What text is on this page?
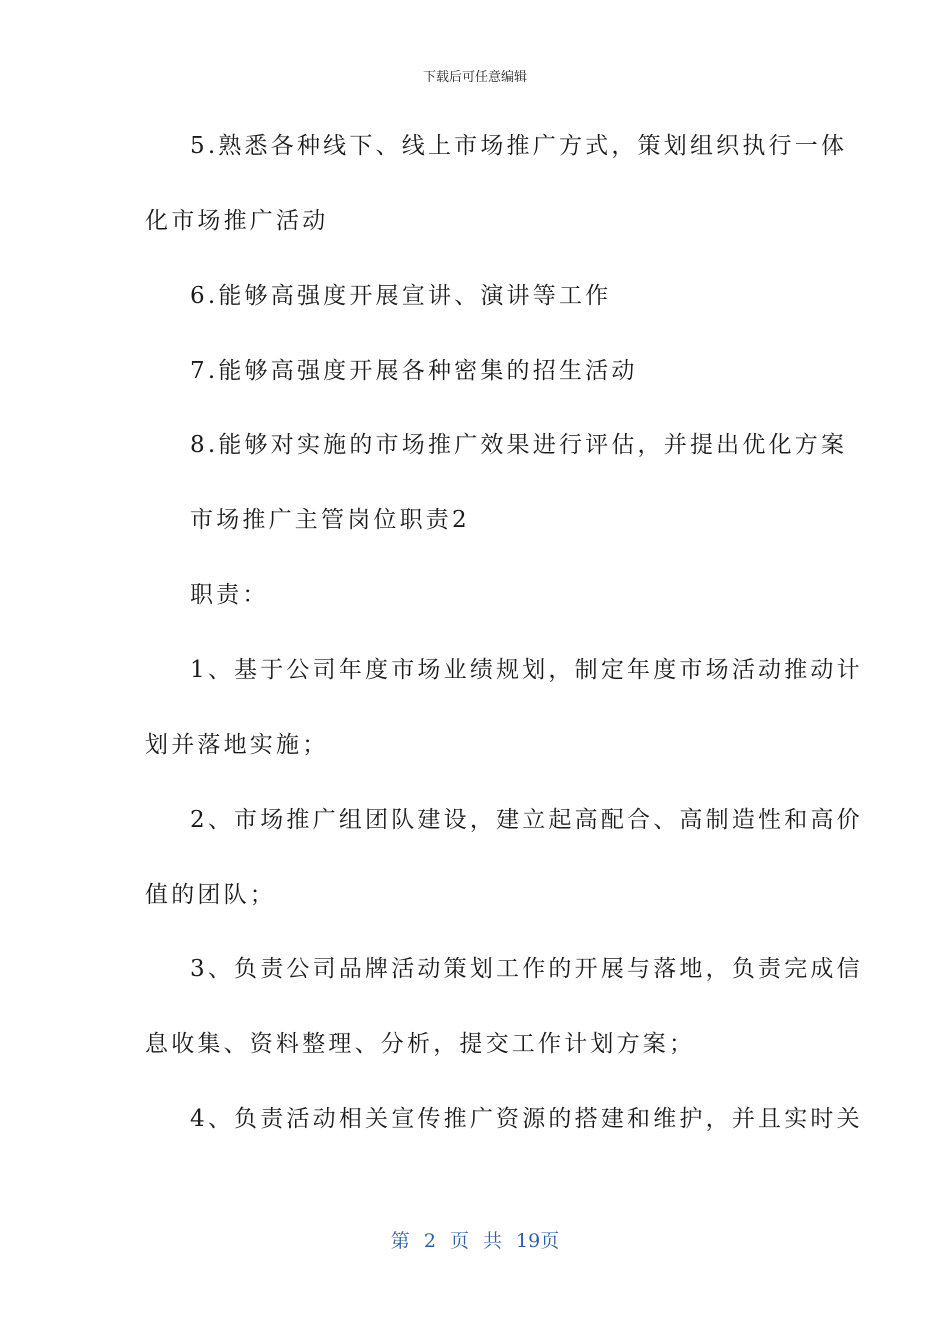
下载后可任意编辑
5.熟悉各种线下、线上市场推广方式，策划组织执行一体
化市场推广活动
6.能够高强度开展宣讲、演讲等工作
7.能够高强度开展各种密集的招生活动
8.能够对实施的市场推广效果进行评估，并提出优化方案
市场推广主管岗位职责2
职责：
1、基于公司年度市场业绩规划，制定年度市场活动推动计
划并落地实施；
2、市场推广组团队建设，建立起高配合、高制造性和高价
值的团队；
3、负责公司品牌活动策划工作的开展与落地，负责完成信
息收集、资料整理、分析，提交工作计划方案；
4、负责活动相关宣传推广资源的搭建和维护，并且实时关
第 2 页 共 19页
